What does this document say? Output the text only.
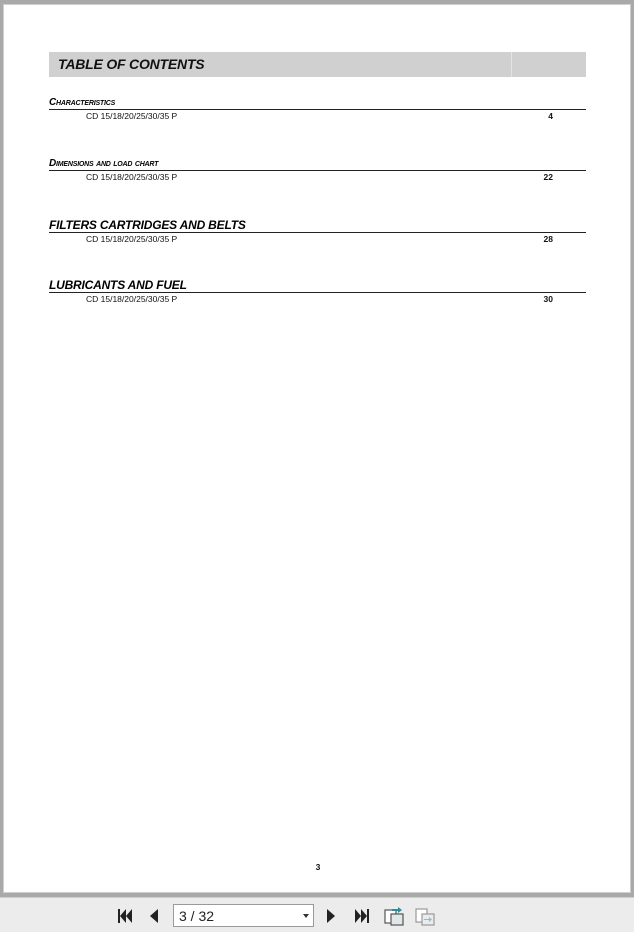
TABLE OF CONTENTS
Characteristics
CD 15/18/20/25/30/35 P	4
Dimensions and load chart
CD 15/18/20/25/30/35 P	22
FILTERS CARTRIDGES AND BELTS
CD 15/18/20/25/30/35 P	28
LUBRICANTS AND FUEL
CD 15/18/20/25/30/35 P	30
3
3 / 32
